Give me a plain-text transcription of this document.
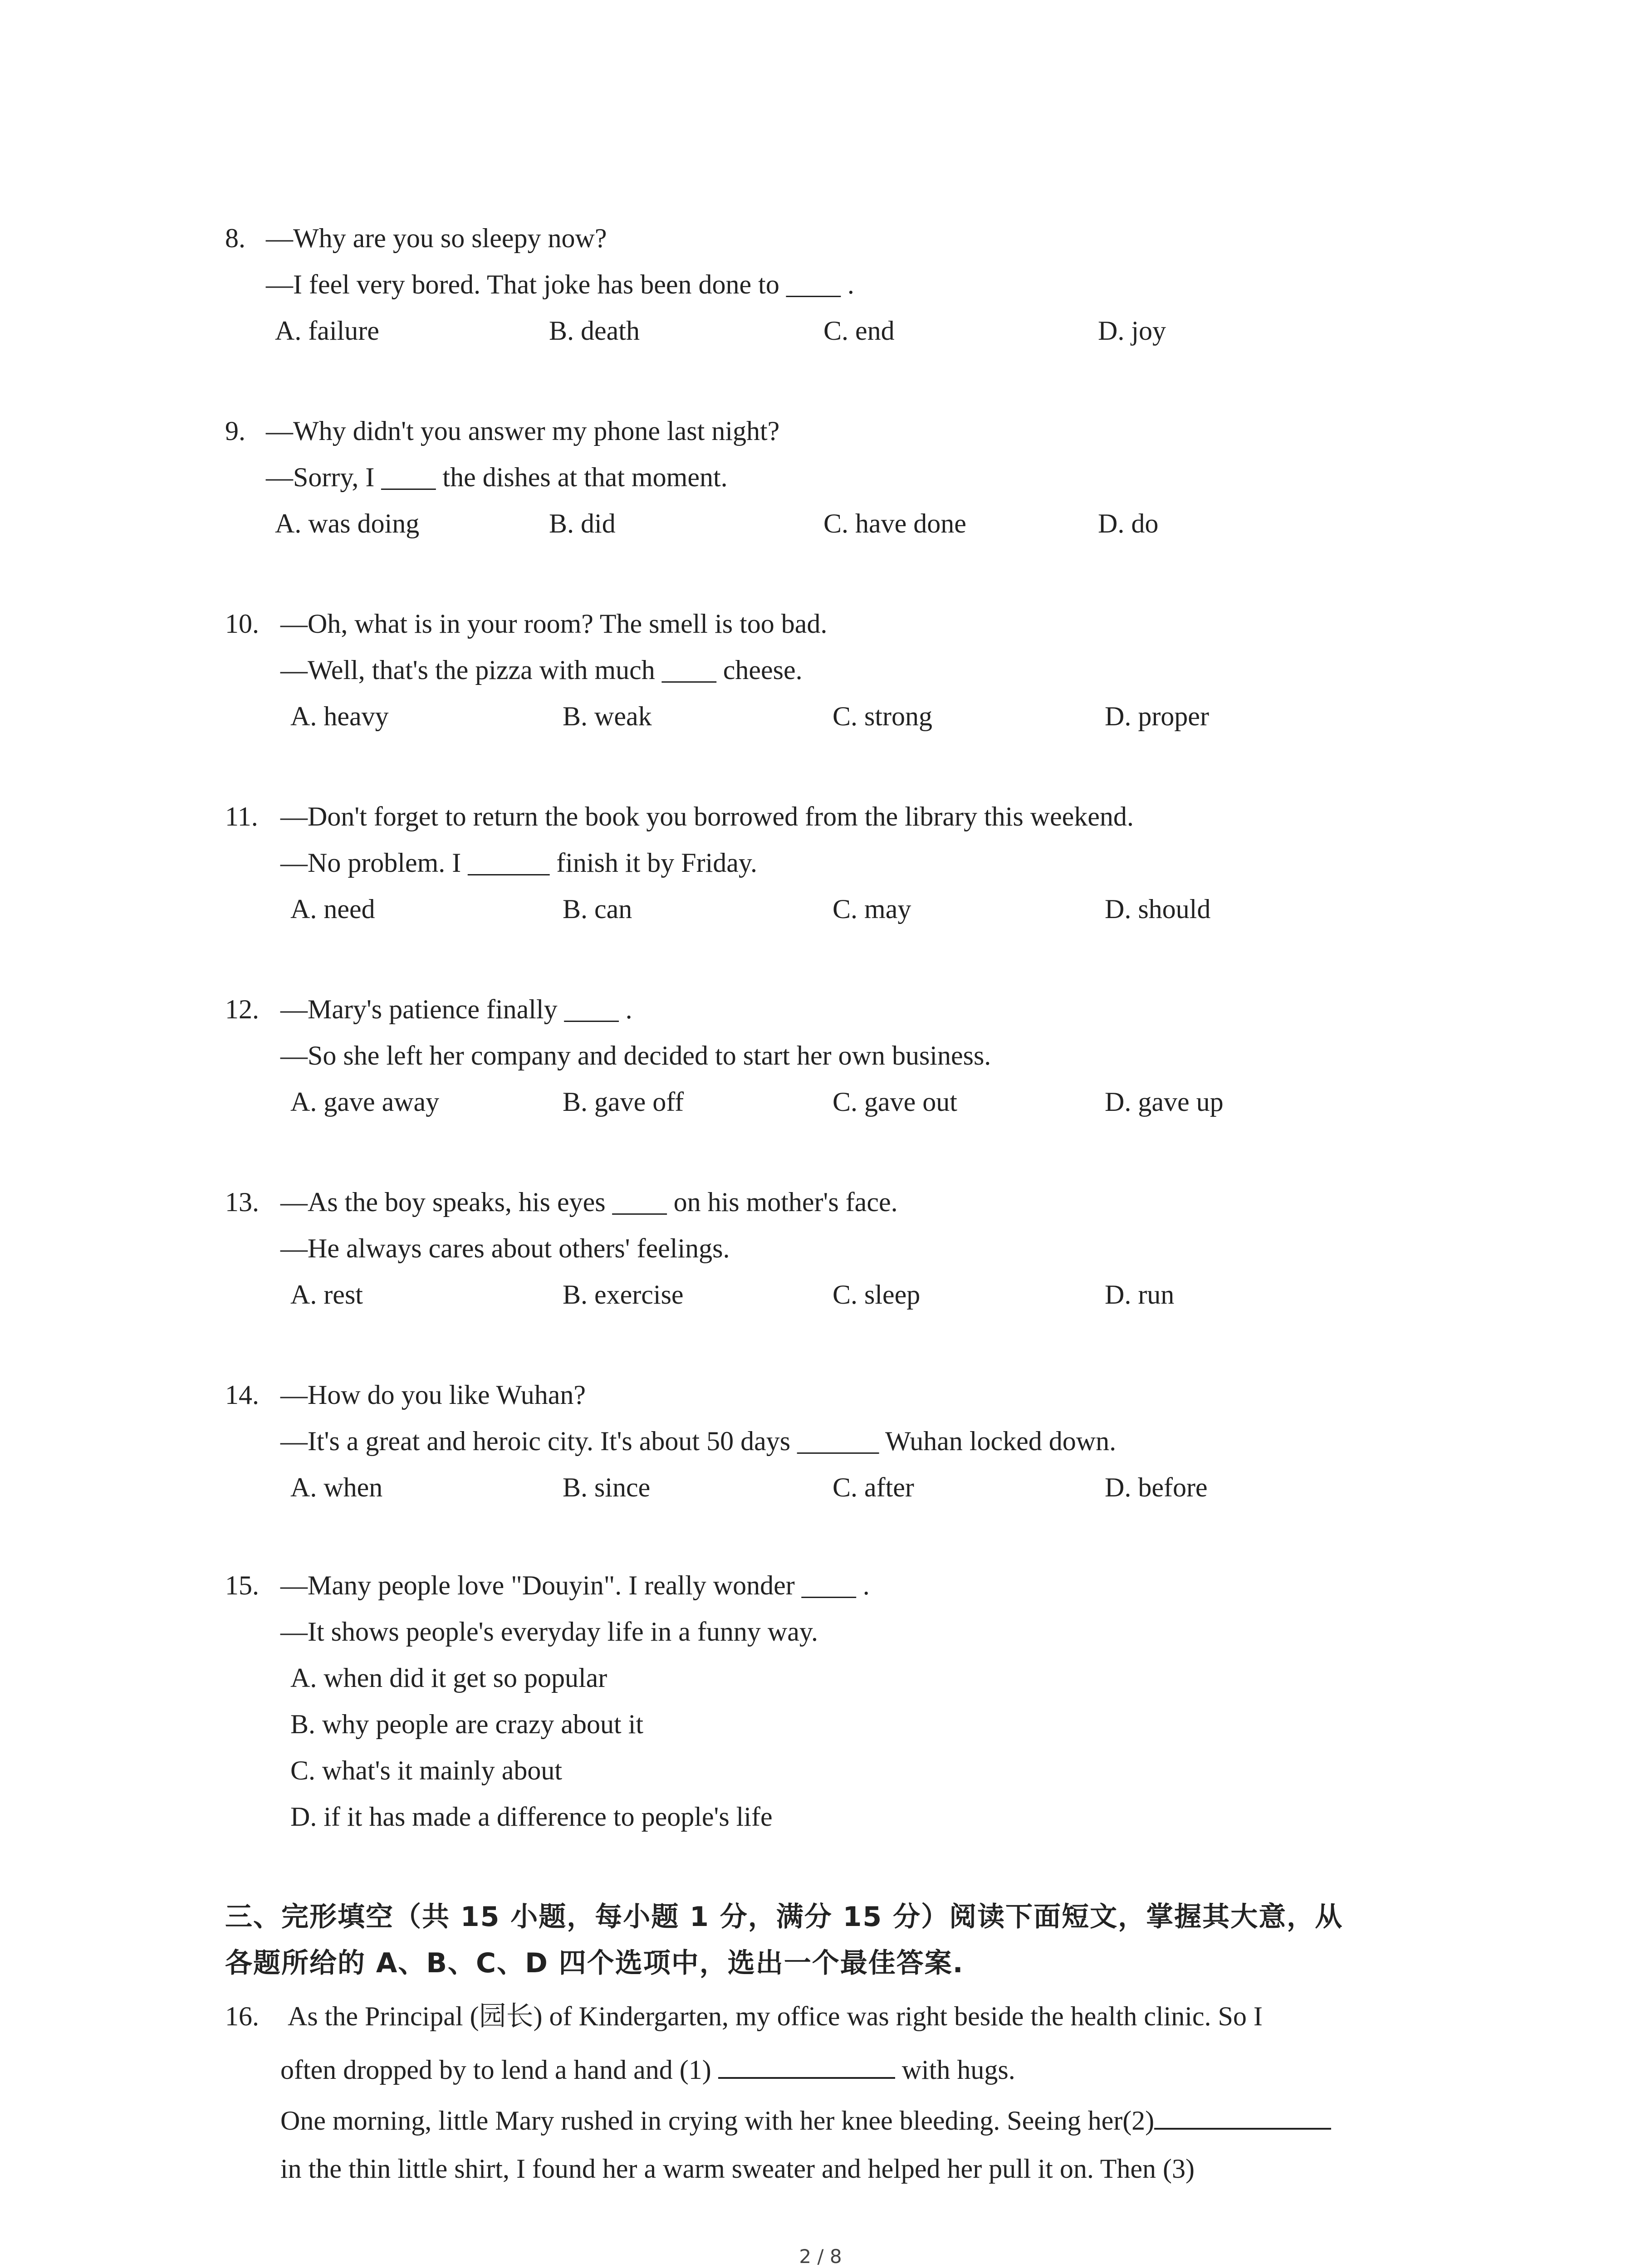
8. —Why are you so sleepy now?
—I feel very bored. That joke has been done to ____ .
A. failure	B. death	C. end	D. joy
9. —Why didn't you answer my phone last night?
—Sorry, I ____ the dishes at that moment.
A. was doing	B. did	C. have done	D. do
10. —Oh, what is in your room? The smell is too bad.
—Well, that's the pizza with much ____ cheese.
A. heavy	B. weak	C. strong	D. proper
11. —Don't forget to return the book you borrowed from the library this weekend.
—No problem. I ______ finish it by Friday.
A. need	B. can	C. may	D. should
12. —Mary's patience finally ____ .
—So she left her company and decided to start her own business.
A. gave away	B. gave off	C. gave out	D. gave up
13. —As the boy speaks, his eyes ____ on his mother's face.
—He always cares about others' feelings.
A. rest	B. exercise	C. sleep	D. run
14. —How do you like Wuhan?
—It's a great and heroic city. It's about 50 days ______ Wuhan locked down.
A. when	B. since	C. after	D. before
15. —Many people love "Douyin". I really wonder ____ .
—It shows people's everyday life in a funny way.
A. when did it get so popular
B. why people are crazy about it
C. what's it mainly about
D. if it has made a difference to people's life
三、完形填空（共 15 小题，每小题 1 分，满分 15 分）阅读下面短文，掌握其大意，从
各题所给的 A、B、C、D 四个选项中，选出一个最佳答案.
16. As the Principal (园长) of Kindergarten, my office was right beside the health clinic. So I
often dropped by to lend a hand and (1)	with hugs.
One morning, little Mary rushed in crying with her knee bleeding. Seeing her(2)
in the thin little shirt, I found her a warm sweater and helped her pull it on. Then (3)
2 / 8
